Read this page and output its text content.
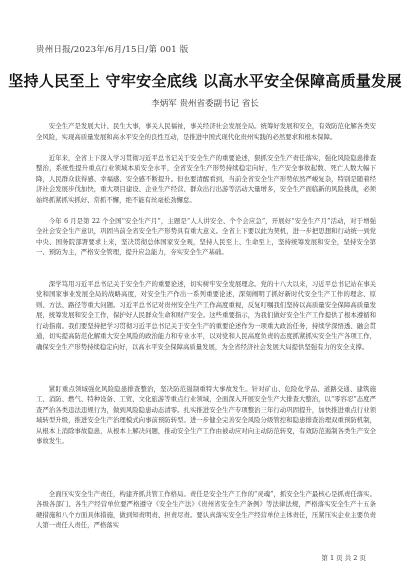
贵州日报/2023年/6月/15日/第 001 版
坚持人民至上 守牢安全底线 以高水平安全保障高质量发展
李炳军 贵州省委副书记 省长

安全生产是发展大计、民生大事，事关人民福祉，事关经济社会发展全局。统筹好发展和安全，有效防范化解各类安全风险，实现高质量发展和高水平安全的良性互动，是推进中国式现代化贵州实践的必然要求和根本保障。

近年来，全省上下深入学习贯彻习近平总书记关于安全生产的重要论述，狠抓安全生产责任落实，强化风险隐患排查整治，系统性提升重点行业领域本质安全水平，全省安全生产形势持续稳定向好，生产安全事故起数、死亡人数大幅下降，人民群众获得感、幸福感、安全感不断提升。但也要清醒看到，当前全省安全生产形势依然严峻复杂，特别是随着经济社会发展步伐加快，重大项目建设、企业生产经营、群众出行出游等活动大量增多，安全生产面临新的风险挑战，必须始终抓紧抓实抓好、常抓不懈，绝不能有丝毫松劲懈怠。

今年 6 月是第 22 个全国“安全生产月”，主题是“人人讲安全、个个会应急”，开展好“安全生产月”活动，对于增强全社会安全生产意识，巩固当前全省安全生产形势具有重大意义。全省上下要以此为契机，进一步把思想和行动统一到党中央、国务院部署要求上来，坚决贯彻总体国家安全观，坚持人民至上、生命至上，坚持统筹发展和安全，坚持安全第一、预防为主，严格安全管理，提升应急能力，夯实安全生产基础。

深学笃用习近平总书记关于安全生产的重要论述，切实树牢安全发展理念。党的十八大以来，习近平总书记站在事关党和国家事业发展全局的战略高度，对安全生产作出一系列重要论述，深刻阐明了抓好新时代安全生产工作的理念、原则、方法、路径等重大问题。习近平总书记对贵州安全生产工作高度重视，反复叮嘱我们坚持以高质量安全保障高质量发展，统筹发展和安全工作，保护好人民群众生命和财产安全。这些重要指示，为我们做好安全生产工作提供了根本遵循和行动指南。我们要坚持把学习贯彻习近平总书记关于安全生产的重要论述作为一项重大政治任务，持续学深悟透、融会贯通，切实提高防范化解重大安全风险的政治能力和专业水平，以对党和人民高度负责的态度抓紧抓实安全生产各项工作，确保安全生产形势持续稳定向好，以高水平安全保障高质量发展，为全省经济社会发展大局提供坚强有力的安全支撑。

紧盯重点领域强化风险隐患排查整治，坚决防范遏制重特大事故发生。针对矿山、危险化学品、道路交通、建筑施工、消防、燃气、特种设备、工贸、文化旅游等重点行业领域，全面深入开展安全生产大排查大整治，以“零容忍”态度严查严治各类违法违规行为，做到风险隐患动态清零。扎实推进安全生产专项整治三年行动巩固提升，加快推进重点行业领域转型升级，推进安全生产治理模式向事前预防转型。进一步健全完善安全风险分级管控和隐患排查治理双重预防机制，从根本上消除事故隐患，从根本上解决问题，推动安全生产工作由被动应对向主动防范转变，有效防范遏制各类生产安全事故发生。

全面压实安全生产责任，构建齐抓共管工作格局。责任是安全生产工作的“灵魂”，抓安全生产最核心是抓责任落实。各级各部门、各生产经营单位要严格遵守《安全生产法》《贵州省安全生产条例》等法律法规，严格落实安全生产十五条硬措施和八个方面具体措施，做到知责明责、担责尽责。要认真落实安全生产经营单位主体责任，压紧压实企业主要负责人第一责任人责任，严格落实

第 1 页 共 2 页
